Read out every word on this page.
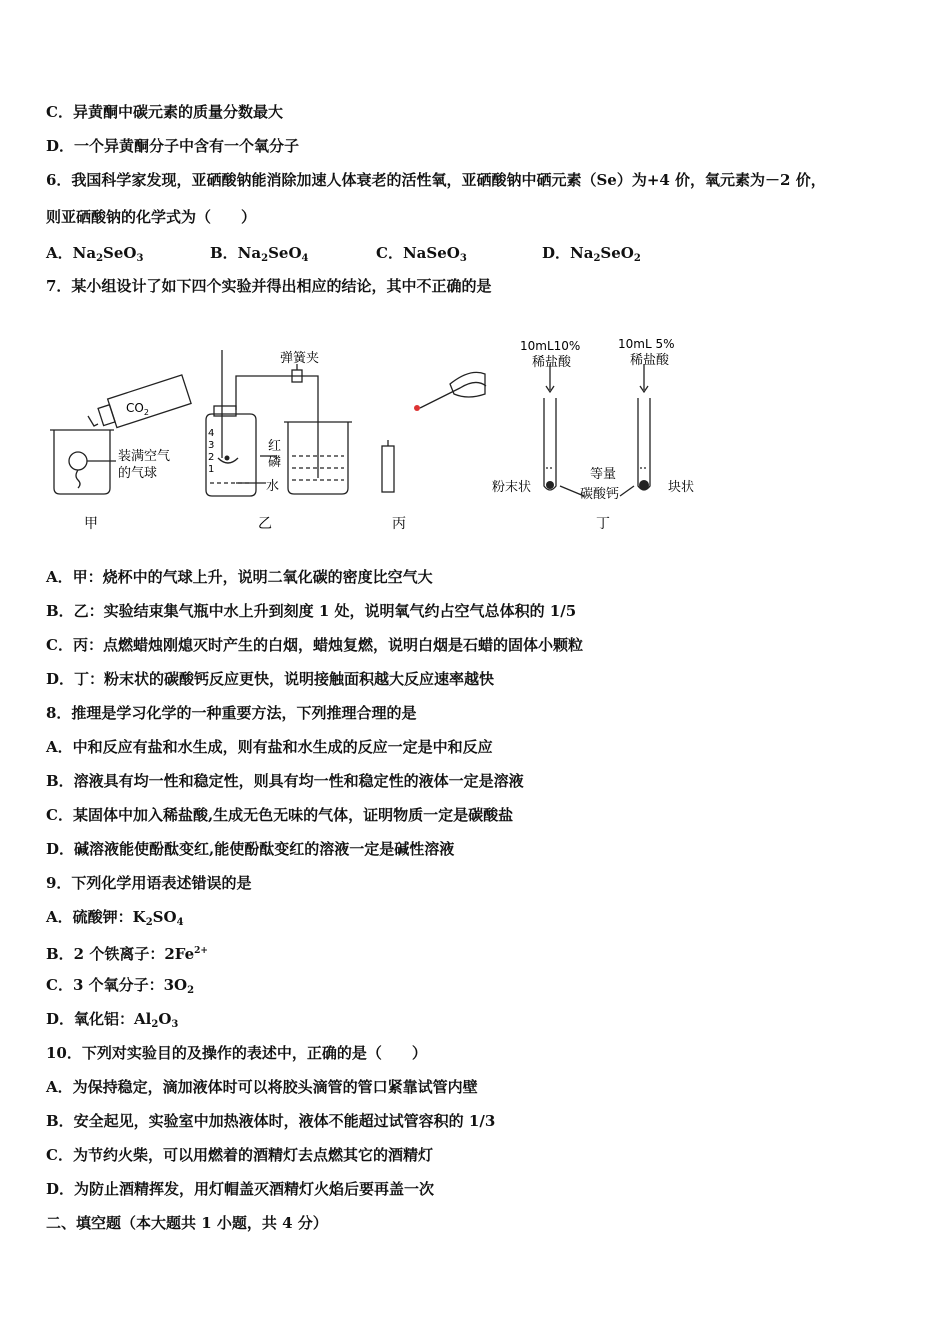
C．异黄酮中碳元素的质量分数最大
D．一个异黄酮分子中含有一个氧分子
6．我国科学家发现，亚硒酸钠能消除加速人体衰老的活性氧，亚硒酸钠中硒元素（Se）为+4 价，氧元素为－2 价，
则亚硒酸钠的化学式为（　　）
A．$Na_2SeO_3$	B．$Na_2SeO_4$	C．NaSeO$_3$	D．$Na_2SeO_2$
7．某小组设计了如下四个实验并得出相应的结论，其中不正确的是
$CO_2$
装满空气
的气球
弹簧夹
红
磷
水
4
3
2
1
10mL10%
稀盐酸
10mL 5%
稀盐酸
粉末状
等量
碳酸钙	块状
甲	乙	丙	丁
A．甲：烧杯中的气球上升，说明二氧化碳的密度比空气大
B．乙：实验结束集气瓶中水上升到刻度 1 处，说明氧气约占空气总体积的 1/5
C．丙：点燃蜡烛刚熄灭时产生的白烟，蜡烛复燃，说明白烟是石蜡的固体小颗粒
D．丁：粉末状的碳酸钙反应更快，说明接触面积越大反应速率越快
8．推理是学习化学的一种重要方法，下列推理合理的是
A．中和反应有盐和水生成，则有盐和水生成的反应一定是中和反应
B．溶液具有均一性和稳定性，则具有均一性和稳定性的液体一定是溶液
C．某固体中加入稀盐酸,生成无色无味的气体，证明物质一定是碳酸盐
D．碱溶液能使酚酞变红,能使酚酞变红的溶液一定是碱性溶液
9．下列化学用语表述错误的是
A．硫酸钾：$K_2SO_4$
B．2 个铁离子：$2Fe^{2+}$
C．3 个氧分子：$3O_2$
D．氧化铝：$Al_2O_3$
10．下列对实验目的及操作的表述中，正确的是（　　）
A．为保持稳定，滴加液体时可以将胶头滴管的管口紧靠试管内壁
B．安全起见，实验室中加热液体时，液体不能超过试管容积的 1/3
C．为节约火柴，可以用燃着的酒精灯去点燃其它的酒精灯
D．为防止酒精挥发，用灯帽盖灭酒精灯火焰后要再盖一次
二、填空题（本大题共 1 小题，共 4 分）
